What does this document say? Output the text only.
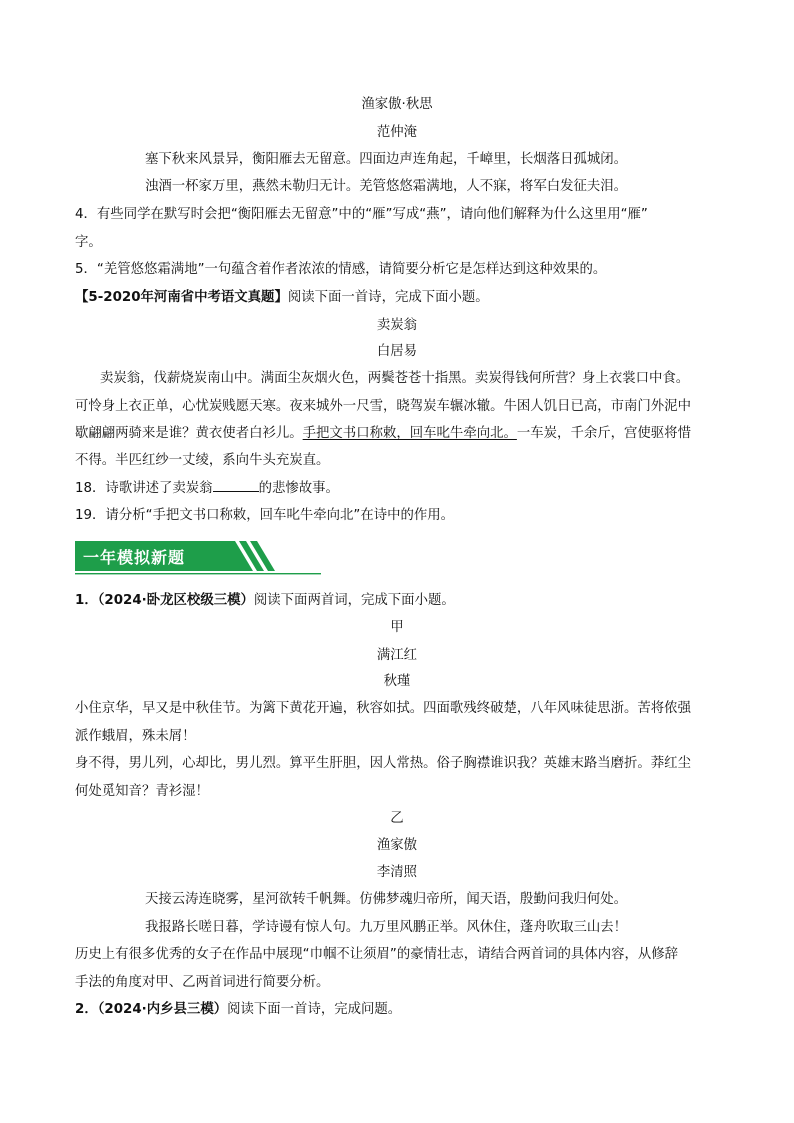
渔家傲·秋思
范仲淹
塞下秋来风景异，衡阳雁去无留意。四面边声连角起，千嶂里，长烟落日孤城闭。
浊酒一杯家万里，燕然未勒归无计。羌管悠悠霜满地，人不寐，将军白发征夫泪。
4．有些同学在默写时会把“衡阳雁去无留意”中的“雁”写成“燕”，请向他们解释为什么这里用“雁”
字。
5．“羌管悠悠霜满地”一句蕴含着作者浓浓的情感，请简要分析它是怎样达到这种效果的。
【5-2020年河南省中考语文真题】阅读下面一首诗，完成下面小题。
卖炭翁
白居易
卖炭翁，伐薪烧炭南山中。满面尘灰烟火色，两鬓苍苍十指黑。卖炭得钱何所营？身上衣裳口中食。
可怜身上衣正单，心忧炭贱愿天寒。夜来城外一尺雪，晓驾炭车辗冰辙。牛困人饥日已高，市南门外泥中
歇翩翩两骑来是谁？黄衣使者白衫儿。手把文书口称敕，回车叱牛牵向北。一车炭，千余斤，宫使驱将惜
不得。半匹红纱一丈绫，系向牛头充炭直。
18．诗歌讲述了卖炭翁	的悲惨故事。
19．请分析“手把文书口称敕，回车叱牛牵向北”在诗中的作用。
一年模拟新题
1．（2024·卧龙区校级三模）阅读下面两首词，完成下面小题。
甲
满江红
秋瑾
小住京华，早又是中秋佳节。为篱下黄花开遍，秋容如拭。四面歌残终破楚，八年风味徒思浙。苦将侬强
派作蛾眉，殊未屑！
身不得，男儿列，心却比，男儿烈。算平生肝胆，因人常热。俗子胸襟谁识我？英雄末路当磨折。莽红尘
何处觅知音？青衫湿！
乙
渔家傲
李清照
天接云涛连晓雾，星河欲转千帆舞。仿佛梦魂归帝所，闻天语，殷勤问我归何处。
我报路长嗟日暮，学诗谩有惊人句。九万里风鹏正举。风休住，蓬舟吹取三山去！
历史上有很多优秀的女子在作品中展现“巾帼不让须眉”的豪情壮志，请结合两首词的具体内容，从修辞
手法的角度对甲、乙两首词进行简要分析。
2．（2024·内乡县三模）阅读下面一首诗，完成问题。
